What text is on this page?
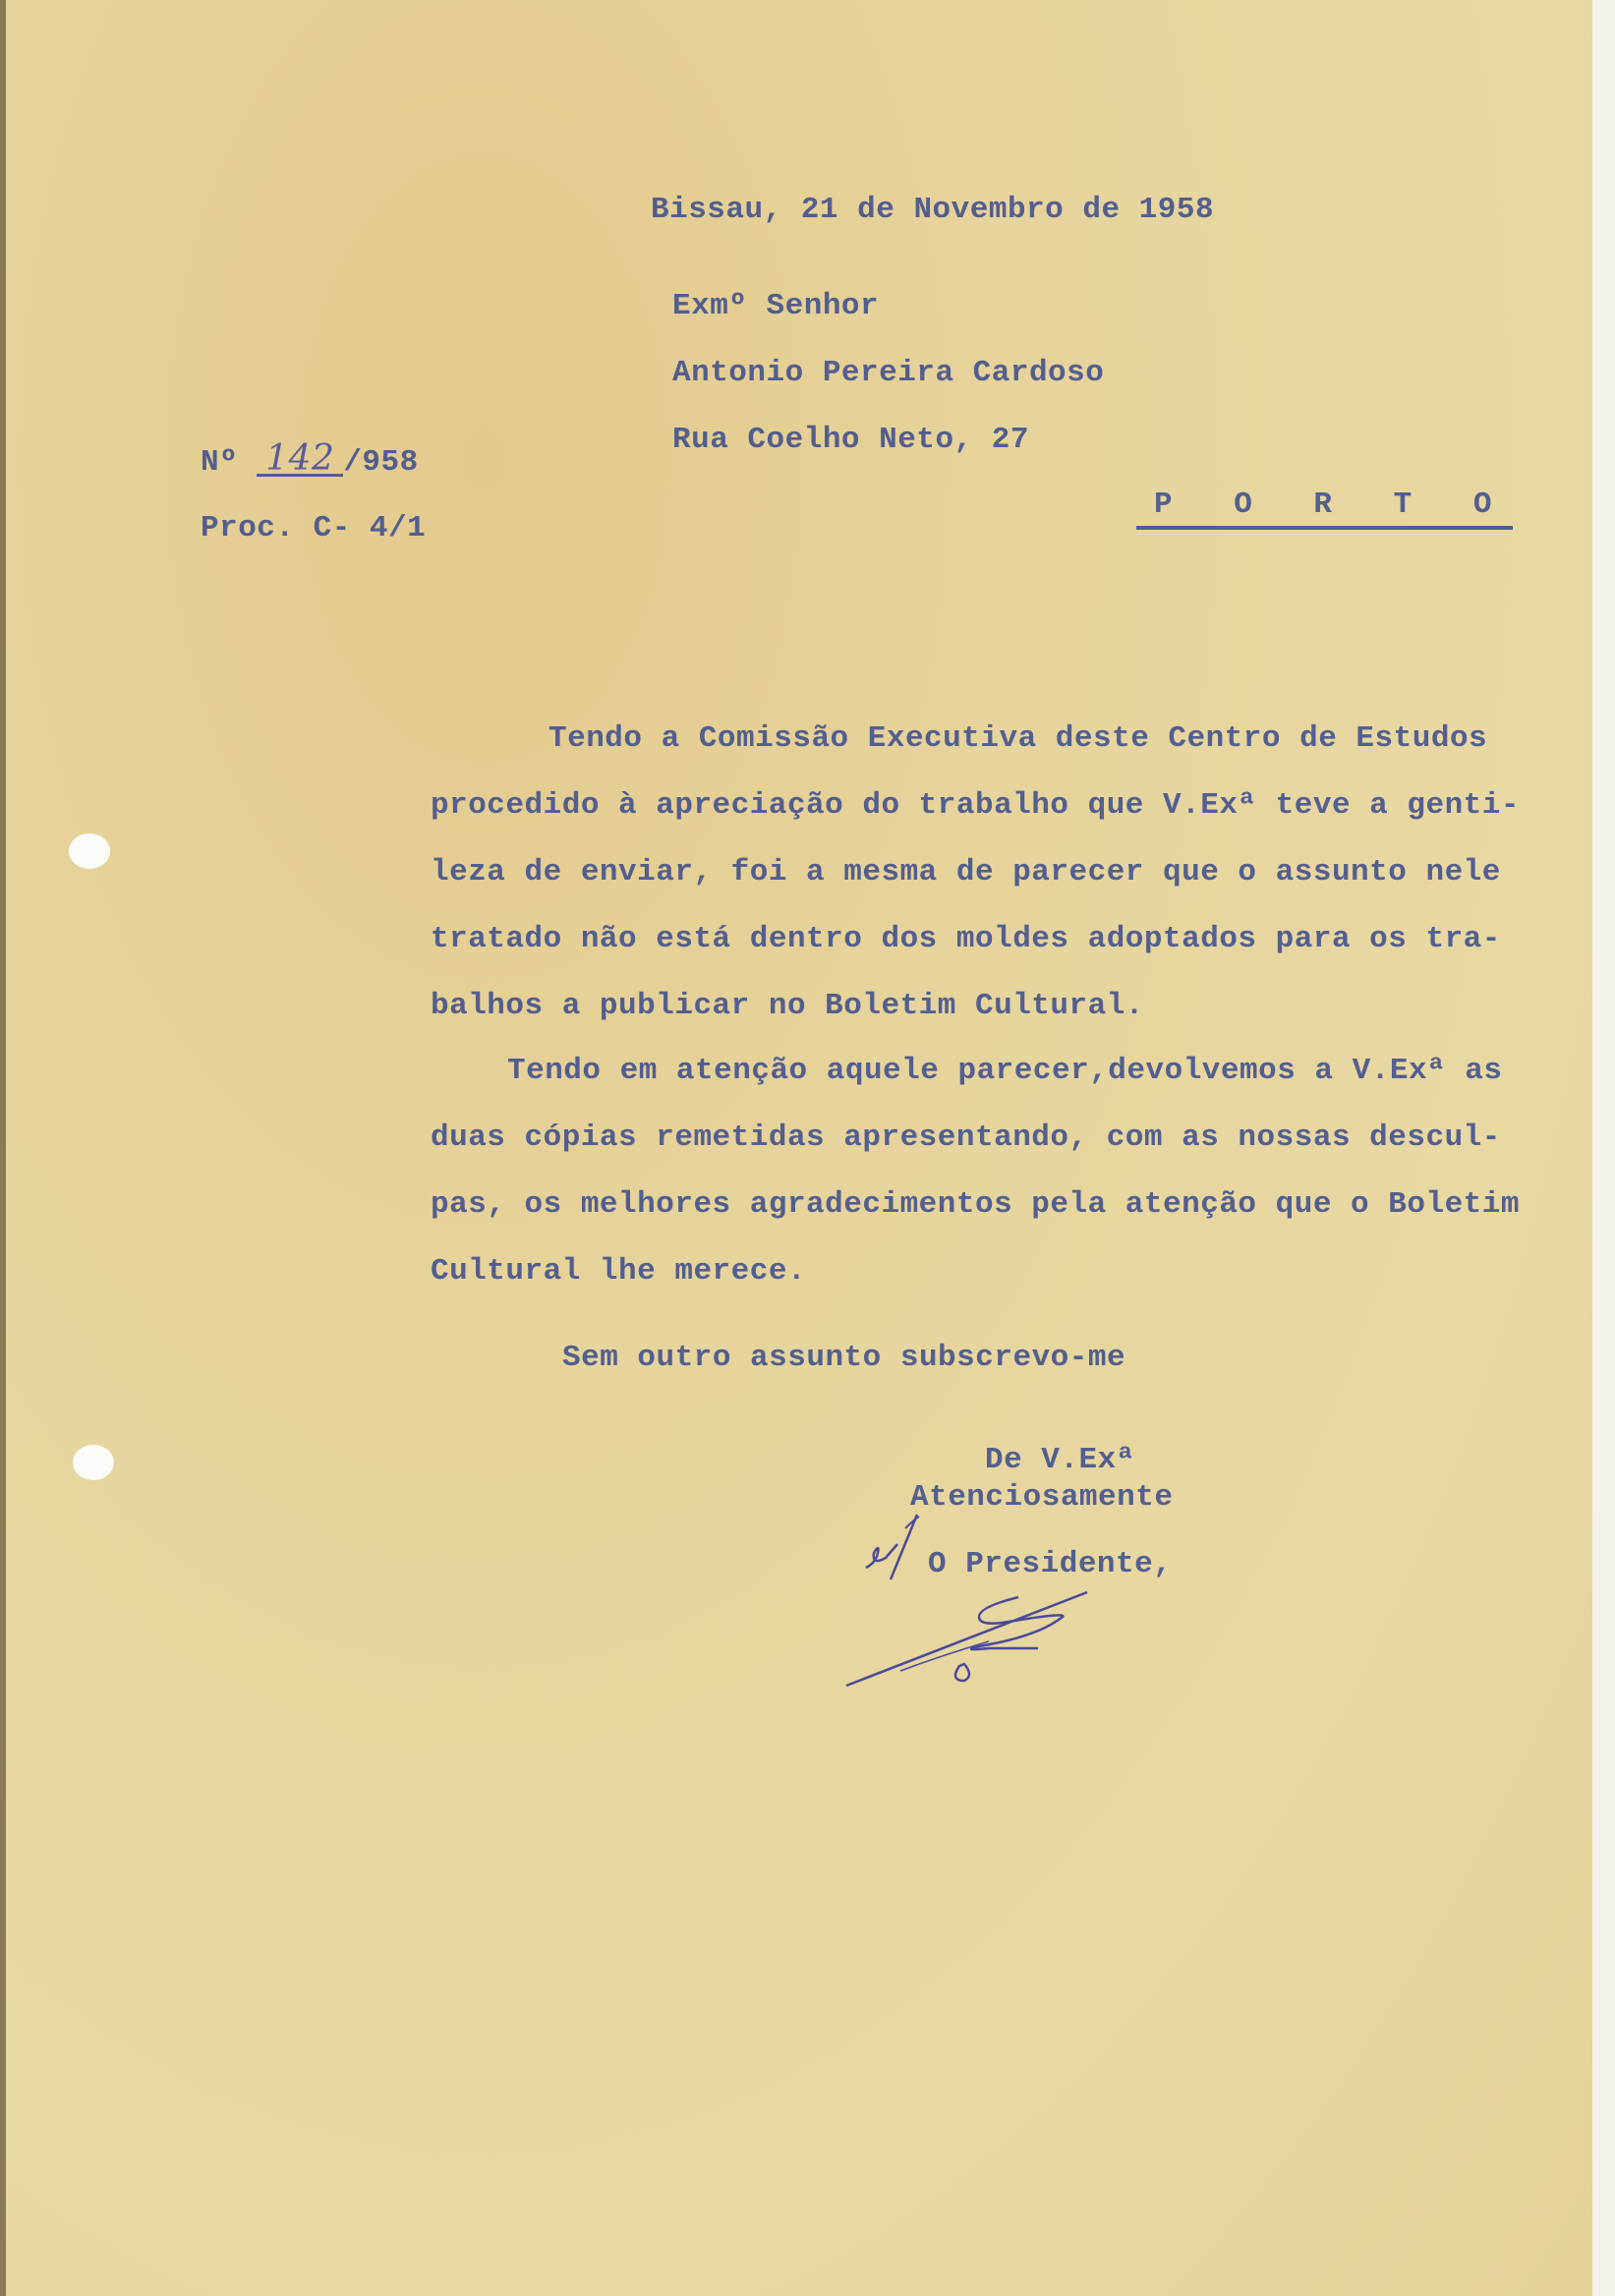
Bissau, 21 de Novembro de 1958
Exmº Senhor
Antonio Pereira Cardoso
Rua Coelho Neto, 27
P O R T O
Nº 142 /958
Proc. C- 4/1
Tendo a Comissão Executiva deste Centro de Estudos
procedido à apreciação do trabalho que V.Exª teve a genti-
leza de enviar, foi a mesma de parecer que o assunto nele
tratado não está dentro dos moldes adoptados para os tra-
balhos a publicar no Boletim Cultural.
Tendo em atenção aquele parecer,devolvemos a V.Exª as
duas cópias remetidas apresentando, com as nossas descul-
pas, os melhores agradecimentos pela atenção que o Boletim
Cultural lhe merece.
Sem outro assunto subscrevo-me
De V.Exª
Atenciosamente
O Presidente,
